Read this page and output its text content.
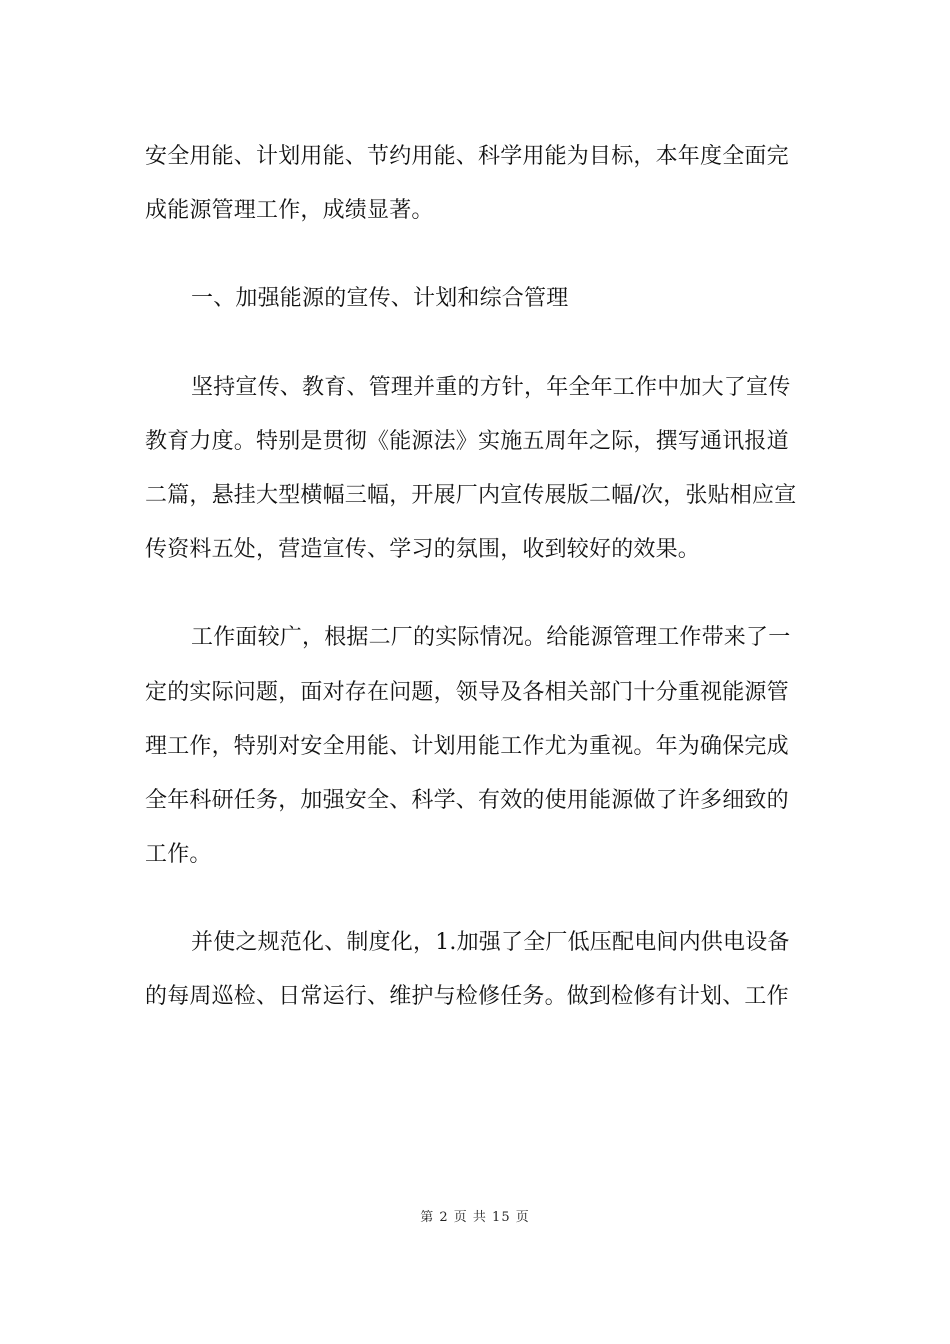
安全用能、计划用能、节约用能、科学用能为目标，本年度全面完
成能源管理工作，成绩显著。
一、加强能源的宣传、计划和综合管理
坚持宣传、教育、管理并重的方针，年全年工作中加大了宣传
教育力度。特别是贯彻《能源法》实施五周年之际，撰写通讯报道
二篇，悬挂大型横幅三幅，开展厂内宣传展版二幅/次，张贴相应宣
传资料五处，营造宣传、学习的氛围，收到较好的效果。
工作面较广，根据二厂的实际情况。给能源管理工作带来了一
定的实际问题，面对存在问题，领导及各相关部门十分重视能源管
理工作，特别对安全用能、计划用能工作尤为重视。年为确保完成
全年科研任务，加强安全、科学、有效的使用能源做了许多细致的
工作。
并使之规范化、制度化，1.加强了全厂低压配电间内供电设备
的每周巡检、日常运行、维护与检修任务。做到检修有计划、工作
第 2 页 共 15 页
